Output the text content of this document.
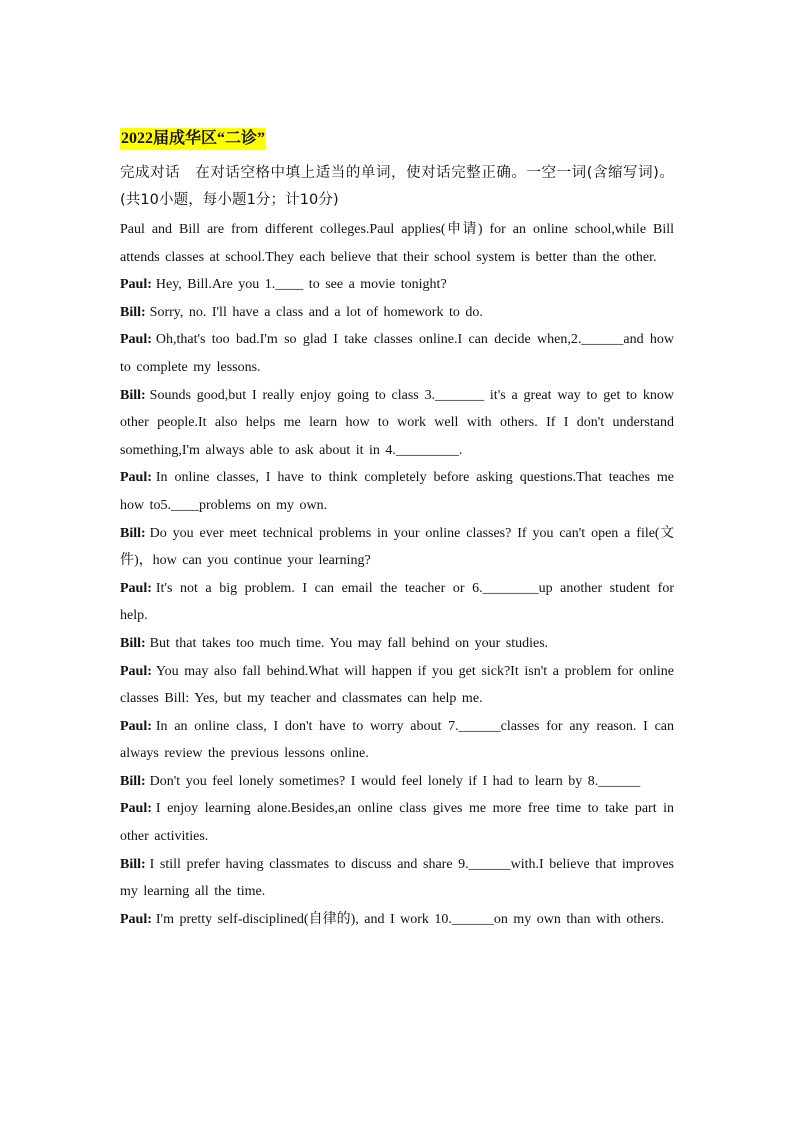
2022届成华区“二诊”

完成对话　在对话空格中填上适当的单词，使对话完整正确。一空一词(含缩写词)。(共10小题，每小题1分；计10分)

Paul and Bill are from different colleges.Paul applies(申请) for an online school,while Bill attends classes at school.They each believe that their school system is better than the other.

Paul: Hey, Bill.Are you 1.____ to see a movie tonight?

Bill: Sorry, no. I'll have a class and a lot of homework to do.

Paul: Oh,that's too bad.I'm so glad I take classes online.I can decide when,2.______and how to complete my lessons.

Bill: Sounds good,but I really enjoy going to class 3._______ it's a great way to get to know other people.It also helps me learn how to work well with others. If I don't understand something,I'm always able to ask about it in 4._________.

Paul: In online classes, I have to think completely before asking questions.That teaches me how to5.____problems on my own.

Bill: Do you ever meet technical problems in your online classes? If you can't open a file(文件)，how can you continue your learning?

Paul: It's not a big problem. I can email the teacher or 6.________up another student for help.

Bill: But that takes too much time. You may fall behind on your studies.

Paul: You may also fall behind.What will happen if you get sick?It isn't a problem for online classes Bill: Yes, but my teacher and classmates can help me.

Paul: In an online class, I don't have to worry about 7.______classes for any reason. I can always review the previous lessons online.

Bill: Don't you feel lonely sometimes? I would feel lonely if I had to learn by 8.______

Paul: I enjoy learning alone.Besides,an online class gives me more free time to take part in other activities.

Bill: I still prefer having classmates to discuss and share 9.______with.I believe that improves my learning all the time.

Paul: I'm pretty self-disciplined(自律的), and I work 10.______on my own than with others.
